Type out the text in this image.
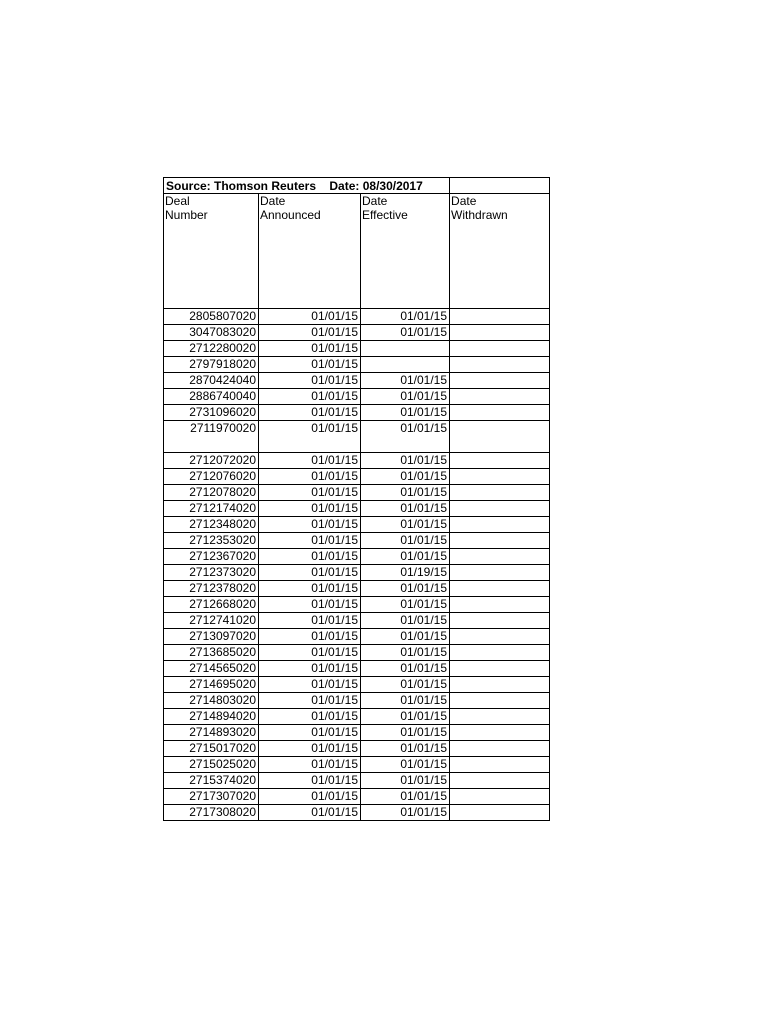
Source: Thomson Reuters Date: 08/30/2017			

Deal
Number	Date
Announced	Date
Effective	Date
Withdrawn

2805807020	01/01/15	01/01/15	
3047083020	01/01/15	01/01/15	
2712280020	01/01/15		
2797918020	01/01/15		
2870424040	01/01/15	01/01/15	
2886740040	01/01/15	01/01/15	
2731096020	01/01/15	01/01/15	
2711970020	01/01/15	01/01/15	
2712072020	01/01/15	01/01/15	
2712076020	01/01/15	01/01/15	
2712078020	01/01/15	01/01/15	
2712174020	01/01/15	01/01/15	
2712348020	01/01/15	01/01/15	
2712353020	01/01/15	01/01/15	
2712367020	01/01/15	01/01/15	
2712373020	01/01/15	01/19/15	
2712378020	01/01/15	01/01/15	
2712668020	01/01/15	01/01/15	
2712741020	01/01/15	01/01/15	
2713097020	01/01/15	01/01/15	
2713685020	01/01/15	01/01/15	
2714565020	01/01/15	01/01/15	
2714695020	01/01/15	01/01/15	
2714803020	01/01/15	01/01/15	
2714894020	01/01/15	01/01/15	
2714893020	01/01/15	01/01/15	
2715017020	01/01/15	01/01/15	
2715025020	01/01/15	01/01/15	
2715374020	01/01/15	01/01/15	
2717307020	01/01/15	01/01/15	
2717308020	01/01/15	01/01/15	
